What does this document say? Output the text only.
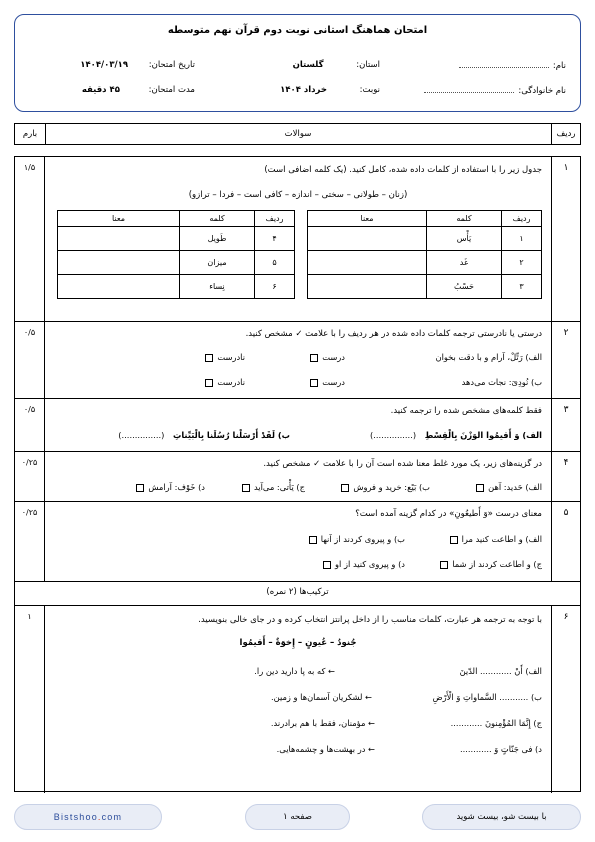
امتحان هماهنگ استانی نوبت دوم قرآن نهم متوسطه
نام:
استان: گلستان
تاریخ امتحان: ۱۴۰۴/۰۳/۱۹
نام خانوادگی:
نوبت: خرداد ۱۴۰۴
مدت امتحان: ۴۵ دقیقه
ردیف
سوالات
بارم
۱
۱/۵	جدول زیر را با استفاده از کلمات داده شده، کامل کنید. (یک کلمه اضافی است)
(زنان – طولانی – سختی – اندازه – کافی است – فردا – ترازو)
ردیف	کلمه	معنا
۱	یَأْس	
۲	غَد	
۳	حَسْبُ	
ردیف	کلمه	معنا
۴	طَویل	
۵	میزان	
۶	نِساء	
۲
۰/۵	درستی یا نادرستی ترجمه کلمات داده شده در هر ردیف را با علامت ✓ مشخص کنید.
الف) رَتِّلْ، آرام و با دقت بخوان
درست
نادرست
ب) نُودِیَ: نجات می‌دهد
درست
نادرست
۳
۰/۵	فقط کلمه‌های مشخص شده را ترجمه کنید.
الف) وَ أَقیمُوا الوَزْنَ بِالْقِسْطِ (...............)
ب) لَقَدْ أَرْسَلْنا رُسُلَنا بِالْبَیِّناتِ (...............)
۴
۰/۲۵	در گزینه‌های زیر، یک مورد غلط معنا شده است آن را با علامت ✓ مشخص کنید.
الف) حَدید: آهن
ب) بَیْع: خرید و فروش
ج) یَأْتی: می‌آید
د) خَوْف: آرامش
۵
۰/۲۵	معنای درست «وَ أَطیعُونِ» در کدام گزینه آمده است؟
الف) و اطاعت کنید مرا
ب) و پیروی کردند از آنها
ج) و اطاعت کردند از شما
د) و پیروی کنید از او
ترکیب‌ها (۲ نمره)
۶
۱	با توجه به ترجمه هر عبارت، کلمات مناسب را از داخل پرانتز انتخاب کرده و در جای خالی بنویسید.
جُنودُ – عُیونٍ – إِخوَةٌ – أَقیمُوا
الف) أَنْ ............ الدّینَ
← که به پا دارید دین را.
ب) ........... السَّماواتِ وَ الْأَرْضِ
← لشکریان آسمان‌ها و زمین.
ج) إِنَّمَا المُؤْمِنونَ ............
← مؤمنان، فقط با هم برادرند.
د) فی جَنّاتٍ وَ ............
← در بهشت‌ها و چشمه‌هایی.
Bistshoo.com	صفحه ۱	با بیست شو، بیست شوید
